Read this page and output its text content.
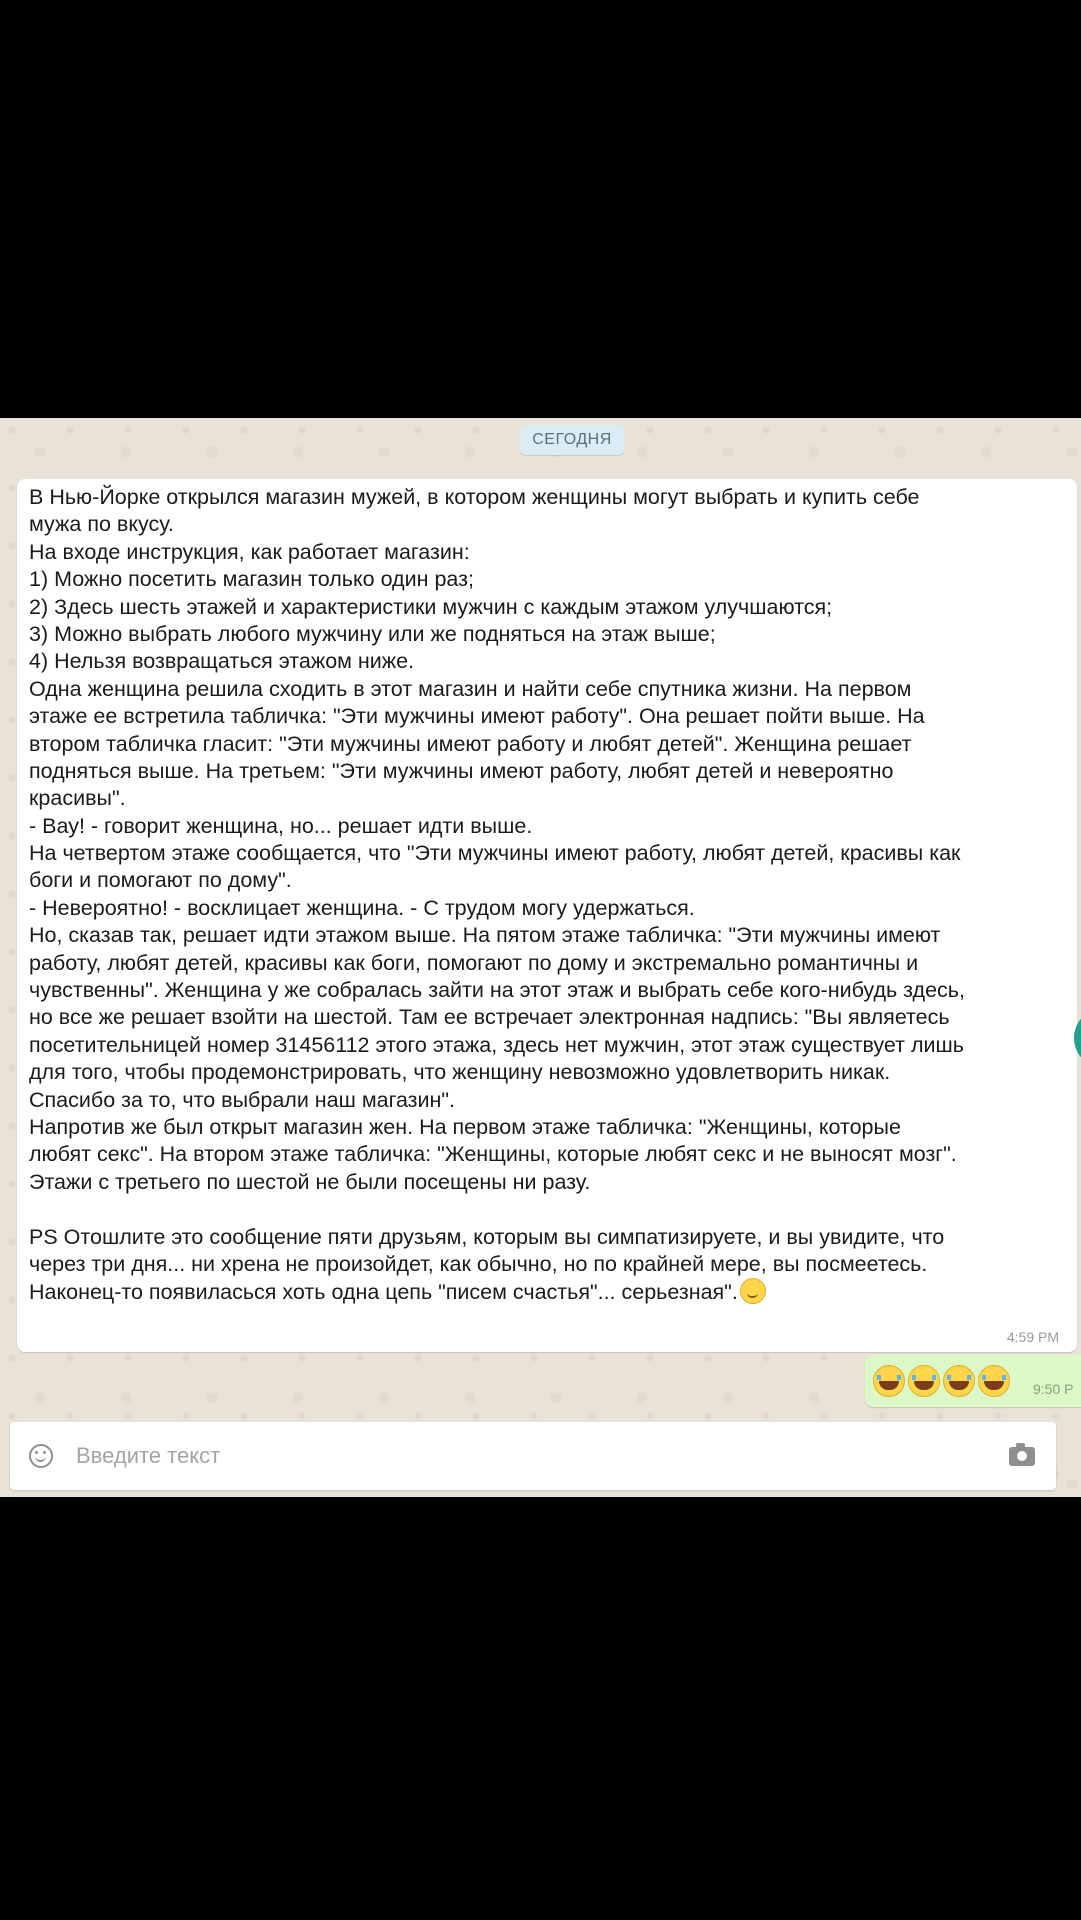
СЕГОДНЯ
В Нью-Йорке открылся магазин мужей, в котором женщины могут выбрать и купить себе
мужа по вкусу.
На входе инструкция, как работает магазин:
1) Можно посетить магазин только один раз;
2) Здесь шесть этажей и характеристики мужчин с каждым этажом улучшаются;
3) Можно выбрать любого мужчину или же подняться на этаж выше;
4) Нельзя возвращаться этажом ниже.
Одна женщина решила сходить в этот магазин и найти себе спутника жизни. На первом
этаже ее встретила табличка: "Эти мужчины имеют работу". Она решает пойти выше. На
втором табличка гласит: "Эти мужчины имеют работу и любят детей". Женщина решает
подняться выше. На третьем: "Эти мужчины имеют работу, любят детей и невероятно
красивы".
- Вау! - говорит женщина, но... решает идти выше.
На четвертом этаже сообщается, что "Эти мужчины имеют работу, любят детей, красивы как
боги и помогают по дому".
- Невероятно! - восклицает женщина. - С трудом могу удержаться.
Но, сказав так, решает идти этажом выше. На пятом этаже табличка: "Эти мужчины имеют
работу, любят детей, красивы как боги, помогают по дому и экстремально романтичны и
чувственны". Женщина у же собралась зайти на этот этаж и выбрать себе кого-нибудь здесь,
но все же решает взойти на шестой. Там ее встречает электронная надпись: "Вы являетесь
посетительницей номер 31456112 этого этажа, здесь нет мужчин, этот этаж существует лишь
для того, чтобы продемонстрировать, что женщину невозможно удовлетворить никак.
Спасибо за то, что выбрали наш магазин".
Напротив же был открыт магазин жен. На первом этаже табличка: "Женщины, которые
любят секс". На втором этаже табличка: "Женщины, которые любят секс и не выносят мозг".
Этажи с третьего по шестой не были посещены ни разу.
PS Отошлите это сообщение пяти друзьям, которым вы симпатизируете, и вы увидите, что
через три дня... ни хрена не произойдет, как обычно, но по крайней мере, вы посмеетесь.
Наконец-то появиласься хоть одна цепь "писем счастья"... серьезная".
4:59 PM
9:50 P
Введите текст
